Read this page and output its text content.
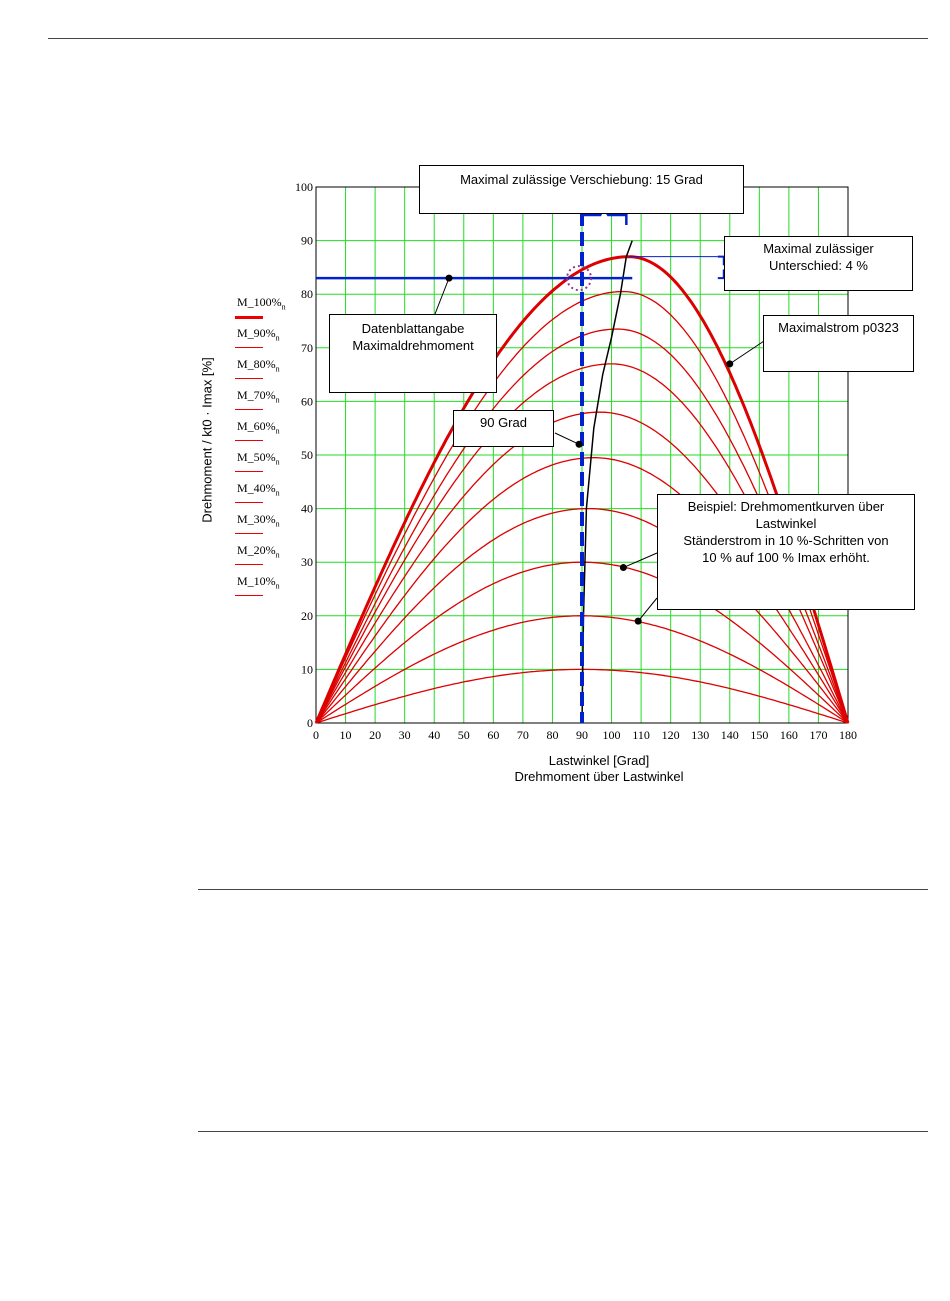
0 10 20 30 40 50 60 70 80 90 100 110 120 130 140 150 160 170 180
0
10
20
30
40
50
60
70
80
90
100
$M\_100\%_n$
$M\_90\%_n$
$M\_80\%_n$
$M\_70\%_n$
$M\_60\%_n$
$M\_50\%_n$
$M\_40\%_n$
$M\_30\%_n$
$M\_20\%_n$
$M\_10\%_n$
Drehmoment / kt0 · Imax [%]
Lastwinkel [Grad]
Drehmoment über Lastwinkel
Maximal zulässige Verschiebung: 15 Grad
Maximal zulässiger
Unterschied: 4 %
Datenblattangabe
Maximaldrehmoment
Maximalstrom p0323
90 Grad
Beispiel: Drehmomentkurven über
Lastwinkel
Ständerstrom in 10 %-Schritten von
10 % auf 100 % Imax erhöht.
